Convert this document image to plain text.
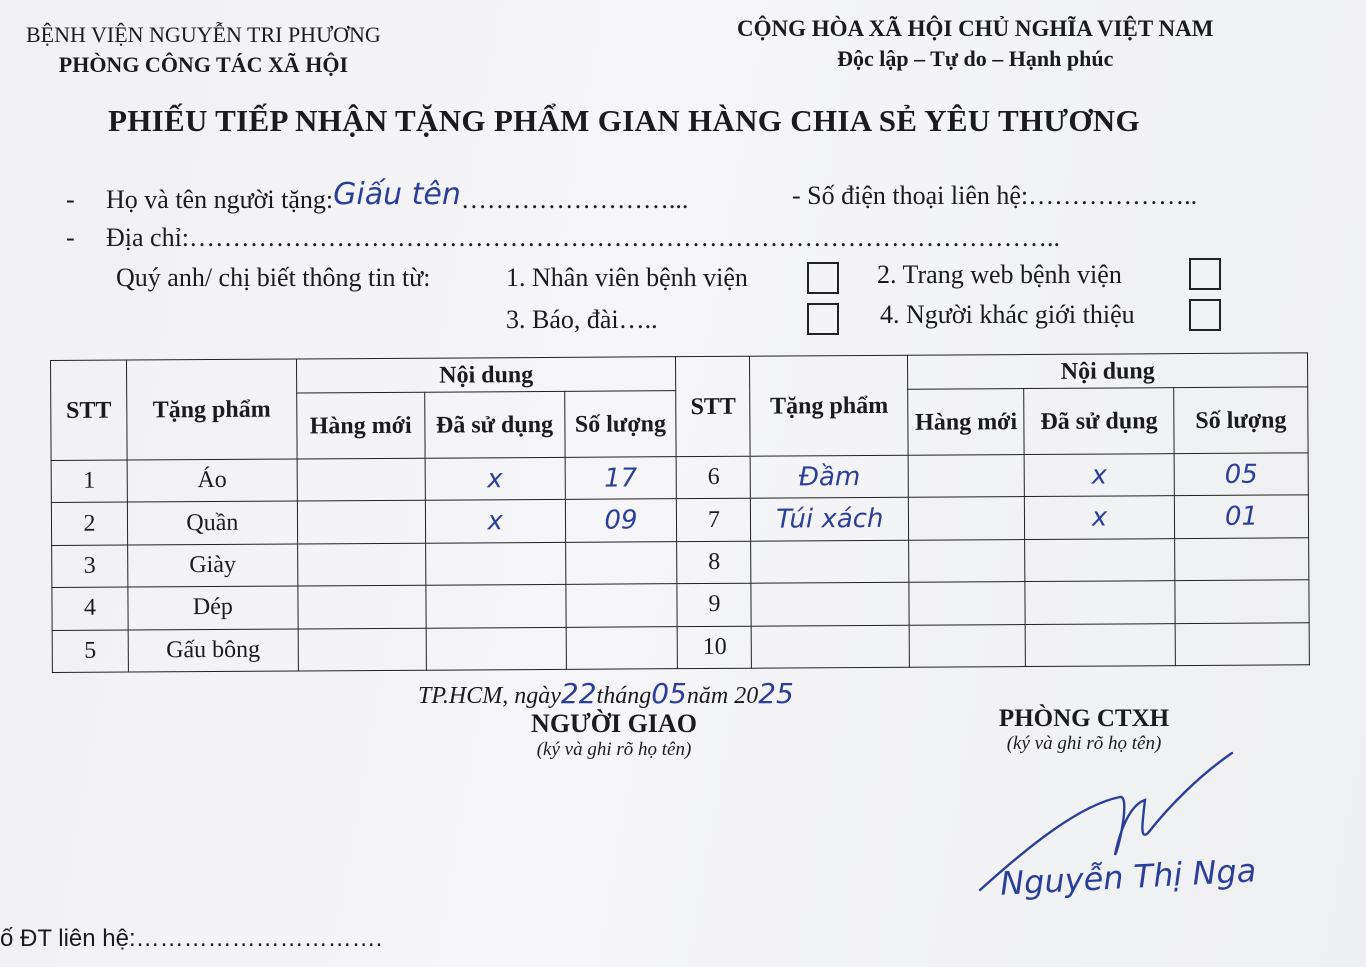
BỆNH VIỆN NGUYỄN TRI PHƯƠNG
PHÒNG CÔNG TÁC XÃ HỘI
CỘNG HÒA XÃ HỘI CHỦ NGHĨA VIỆT NAM
Độc lập – Tự do – Hạnh phúc
PHIẾU TIẾP NHẬN TẶNG PHẨM GIAN HÀNG CHIA SẺ YÊU THƯƠNG
- Họ và tên người tặng:Giấu tên……………………...	- Số điện thoại liên hệ:………………..
- Địa chỉ:………………………………………………………………………………………..
Quý anh/ chị biết thông tin từ:	1. Nhân viên bệnh viện	2. Trang web bệnh viện
3. Báo, đài…..	4. Người khác giới thiệu
STT	Tặng phẩm	Nội dung			STT	Tặng phẩm	Nội dung		
		Hàng mới	Đã sử dụng	Số lượng			Hàng mới	Đã sử dụng	Số lượng
1	Áo		x	17	6	Đầm		x	05
2	Quần		x	09	7	Túi xách		x	01
3	Giày				8				
4	Dép				9				
5	Gấu bông				10				
TP.HCM, ngày22tháng05năm 2025
NGƯỜI GIAO
(ký và ghi rõ họ tên)
PHÒNG CTXH
(ký và ghi rõ họ tên)
Nguyễn Thị Nga
ố ĐT liên hệ:………………………….
